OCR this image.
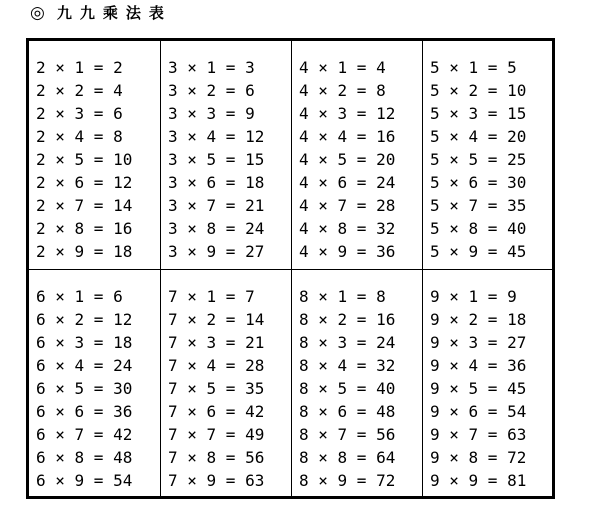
◎ 九九乘法表
2 × 1 = 2
2 × 2 = 4
2 × 3 = 6
2 × 4 = 8
2 × 5 = 10
2 × 6 = 12
2 × 7 = 14
2 × 8 = 16
2 × 9 = 18
3 × 1 = 3
3 × 2 = 6
3 × 3 = 9
3 × 4 = 12
3 × 5 = 15
3 × 6 = 18
3 × 7 = 21
3 × 8 = 24
3 × 9 = 27
4 × 1 = 4
4 × 2 = 8
4 × 3 = 12
4 × 4 = 16
4 × 5 = 20
4 × 6 = 24
4 × 7 = 28
4 × 8 = 32
4 × 9 = 36
5 × 1 = 5
5 × 2 = 10
5 × 3 = 15
5 × 4 = 20
5 × 5 = 25
5 × 6 = 30
5 × 7 = 35
5 × 8 = 40
5 × 9 = 45
6 × 1 = 6
6 × 2 = 12
6 × 3 = 18
6 × 4 = 24
6 × 5 = 30
6 × 6 = 36
6 × 7 = 42
6 × 8 = 48
6 × 9 = 54
7 × 1 = 7
7 × 2 = 14
7 × 3 = 21
7 × 4 = 28
7 × 5 = 35
7 × 6 = 42
7 × 7 = 49
7 × 8 = 56
7 × 9 = 63
8 × 1 = 8
8 × 2 = 16
8 × 3 = 24
8 × 4 = 32
8 × 5 = 40
8 × 6 = 48
8 × 7 = 56
8 × 8 = 64
8 × 9 = 72
9 × 1 = 9
9 × 2 = 18
9 × 3 = 27
9 × 4 = 36
9 × 5 = 45
9 × 6 = 54
9 × 7 = 63
9 × 8 = 72
9 × 9 = 81
